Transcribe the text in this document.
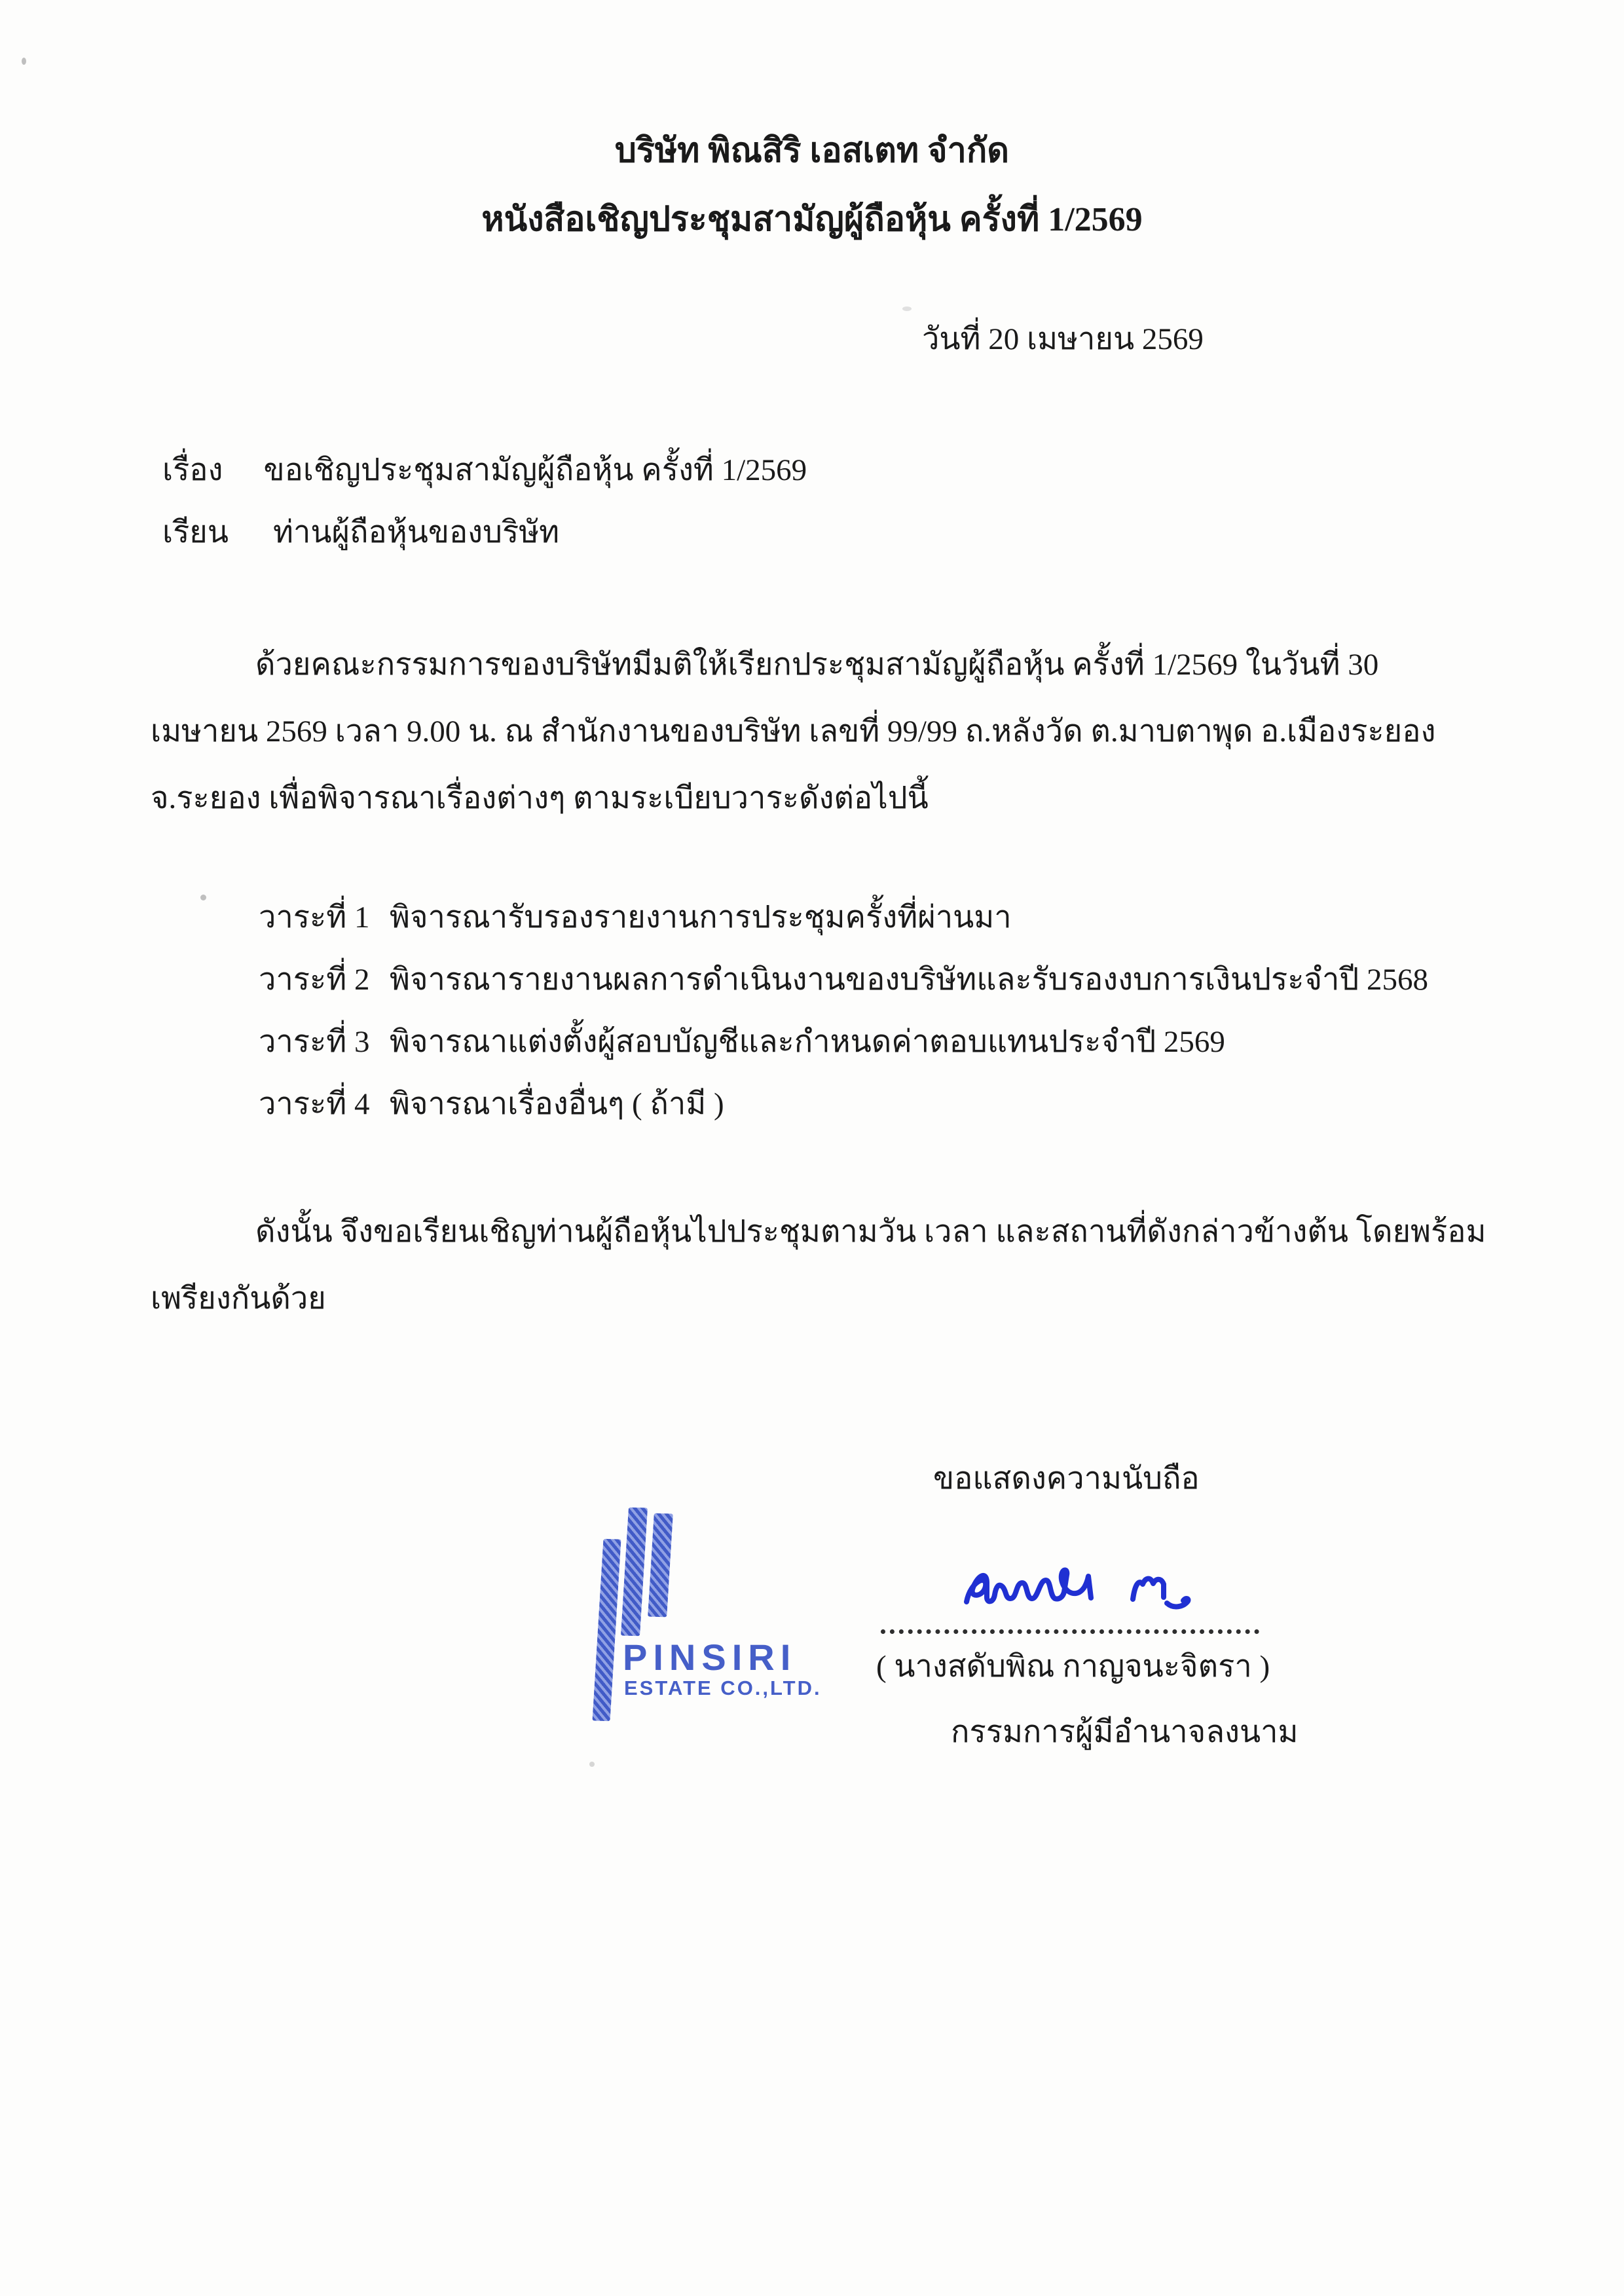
บริษัท พิณสิริ เอสเตท จำกัด
หนังสือเชิญประชุมสามัญผู้ถือหุ้น ครั้งที่ 1/2569
วันที่ 20 เมษายน 2569
เรื่อง ขอเชิญประชุมสามัญผู้ถือหุ้น ครั้งที่ 1/2569
เรียน ท่านผู้ถือหุ้นของบริษัท
ด้วยคณะกรรมการของบริษัทมีมติให้เรียกประชุมสามัญผู้ถือหุ้น ครั้งที่ 1/2569 ในวันที่ 30
เมษายน 2569 เวลา 9.00 น. ณ สำนักงานของบริษัท เลขที่ 99/99 ถ.หลังวัด ต.มาบตาพุด อ.เมืองระยอง
จ.ระยอง เพื่อพิจารณาเรื่องต่างๆ ตามระเบียบวาระดังต่อไปนี้
วาระที่ 1 พิจารณารับรองรายงานการประชุมครั้งที่ผ่านมา
วาระที่ 2 พิจารณารายงานผลการดำเนินงานของบริษัทและรับรองงบการเงินประจำปี 2568
วาระที่ 3 พิจารณาแต่งตั้งผู้สอบบัญชีและกำหนดค่าตอบแทนประจำปี 2569
วาระที่ 4 พิจารณาเรื่องอื่นๆ ( ถ้ามี )
ดังนั้น จึงขอเรียนเชิญท่านผู้ถือหุ้นไปประชุมตามวัน เวลา และสถานที่ดังกล่าวข้างต้น โดยพร้อม
เพรียงกันด้วย
ขอแสดงความนับถือ
PINSIRI
ESTATE CO.,LTD.
( นางสดับพิณ กาญจนะจิตรา )
กรรมการผู้มีอำนาจลงนาม
